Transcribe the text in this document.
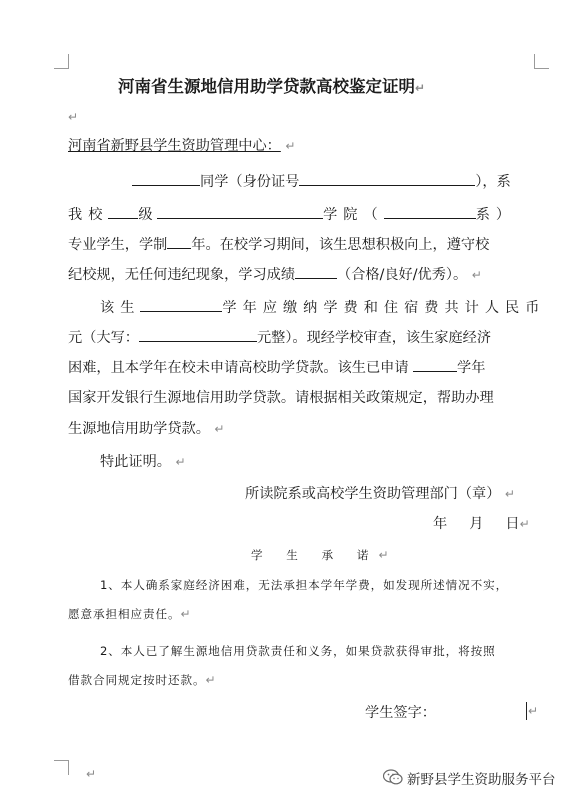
河南省生源地信用助学贷款高校鉴定证明↵
↵
河南省新野县学生资助管理中心： ↵
同学（身份证号	），系
我校 级	学院（	系）
专业学生，学制 年。在校学习期间，该生思想积极向上，遵守校
纪校规，无任何违纪现象，学习成绩	（合格/良好/优秀）。 ↵
该生	学年应缴纳学费和住宿费共计人民币
元（大写：	元整）。现经学校审查，该生家庭经济
困难，且本学年在校未申请高校助学贷款。该生已申请	学年
国家开发银行生源地信用助学贷款。请根据相关政策规定，帮助办理
生源地信用助学贷款。 ↵
特此证明。 ↵
所读院系或高校学生资助管理部门（章） ↵
年 月 日↵
学 生 承 诺↵
1、本人确系家庭经济困难，无法承担本学年学费，如发现所述情况不实，
愿意承担相应责任。↵
2、本人已了解生源地信用贷款责任和义务，如果贷款获得审批，将按照
借款合同规定按时还款。↵
学生签字：	↵
↵	新野县学生资助服务平台
